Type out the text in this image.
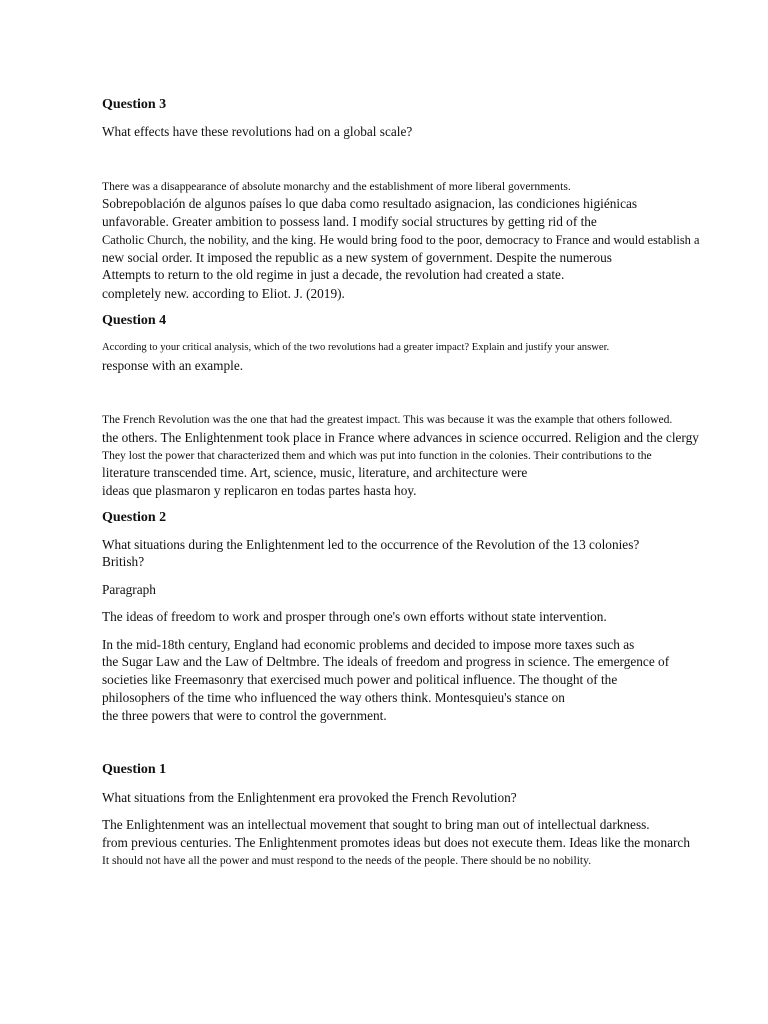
Question 3
What effects have these revolutions had on a global scale?
There was a disappearance of absolute monarchy and the establishment of more liberal governments.
Sobrepoblación de algunos países lo que daba como resultado asignacion, las condiciones higiénicas
unfavorable. Greater ambition to possess land. I modify social structures by getting rid of the
Catholic Church, the nobility, and the king. He would bring food to the poor, democracy to France and would establish a
new social order. It imposed the republic as a new system of government. Despite the numerous
Attempts to return to the old regime in just a decade, the revolution had created a state.
completely new. according to Eliot. J. (2019).
Question 4
According to your critical analysis, which of the two revolutions had a greater impact? Explain and justify your answer.
response with an example.
The French Revolution was the one that had the greatest impact. This was because it was the example that others followed.
the others. The Enlightenment took place in France where advances in science occurred. Religion and the clergy
They lost the power that characterized them and which was put into function in the colonies. Their contributions to the
literature transcended time. Art, science, music, literature, and architecture were
ideas que plasmaron y replicaron en todas partes hasta hoy.
Question 2
What situations during the Enlightenment led to the occurrence of the Revolution of the 13 colonies?
British?
Paragraph
The ideas of freedom to work and prosper through one's own efforts without state intervention.
In the mid-18th century, England had economic problems and decided to impose more taxes such as
the Sugar Law and the Law of Deltmbre. The ideals of freedom and progress in science. The emergence of
societies like Freemasonry that exercised much power and political influence. The thought of the
philosophers of the time who influenced the way others think. Montesquieu's stance on
the three powers that were to control the government.
Question 1
What situations from the Enlightenment era provoked the French Revolution?
The Enlightenment was an intellectual movement that sought to bring man out of intellectual darkness.
from previous centuries. The Enlightenment promotes ideas but does not execute them. Ideas like the monarch
It should not have all the power and must respond to the needs of the people. There should be no nobility.
